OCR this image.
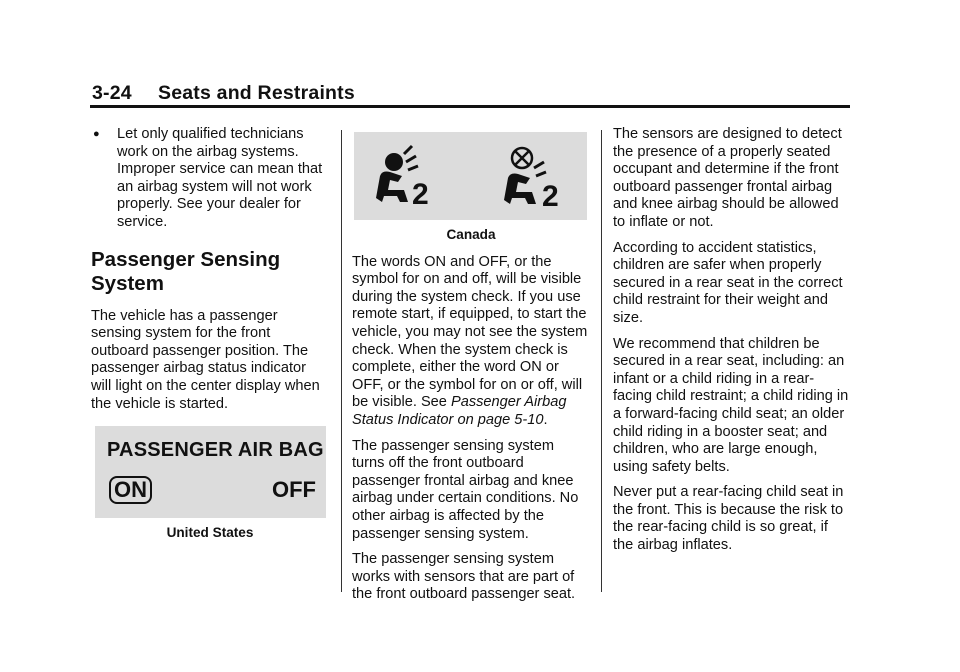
3-24 Seats and Restraints
●	Let only qualified technicians work on the airbag systems. Improper service can mean that an airbag system will not work properly. See your dealer for service.
Passenger Sensing System

The vehicle has a passenger sensing system for the front outboard passenger position. The passenger airbag status indicator will light on the center display when the vehicle is started.

PASSENGER AIR BAG
ON	OFF
United States
2	2
Canada

The words ON and OFF, or the symbol for on and off, will be visible during the system check. If you use remote start, if equipped, to start the vehicle, you may not see the system check. When the system check is complete, either the word ON or OFF, or the symbol for on or off, will be visible. See Passenger Airbag Status Indicator on page 5-10.

The passenger sensing system turns off the front outboard passenger frontal airbag and knee airbag under certain conditions. No other airbag is affected by the passenger sensing system.

The passenger sensing system works with sensors that are part of the front outboard passenger seat.

The sensors are designed to detect the presence of a properly seated occupant and determine if the front outboard passenger frontal airbag and knee airbag should be allowed to inflate or not.

According to accident statistics, children are safer when properly secured in a rear seat in the correct child restraint for their weight and size.

We recommend that children be secured in a rear seat, including: an infant or a child riding in a rear-facing child restraint; a child riding in a forward-facing child seat; an older child riding in a booster seat; and children, who are large enough, using safety belts.

Never put a rear-facing child seat in the front. This is because the risk to the rear-facing child is so great, if the airbag inflates.
